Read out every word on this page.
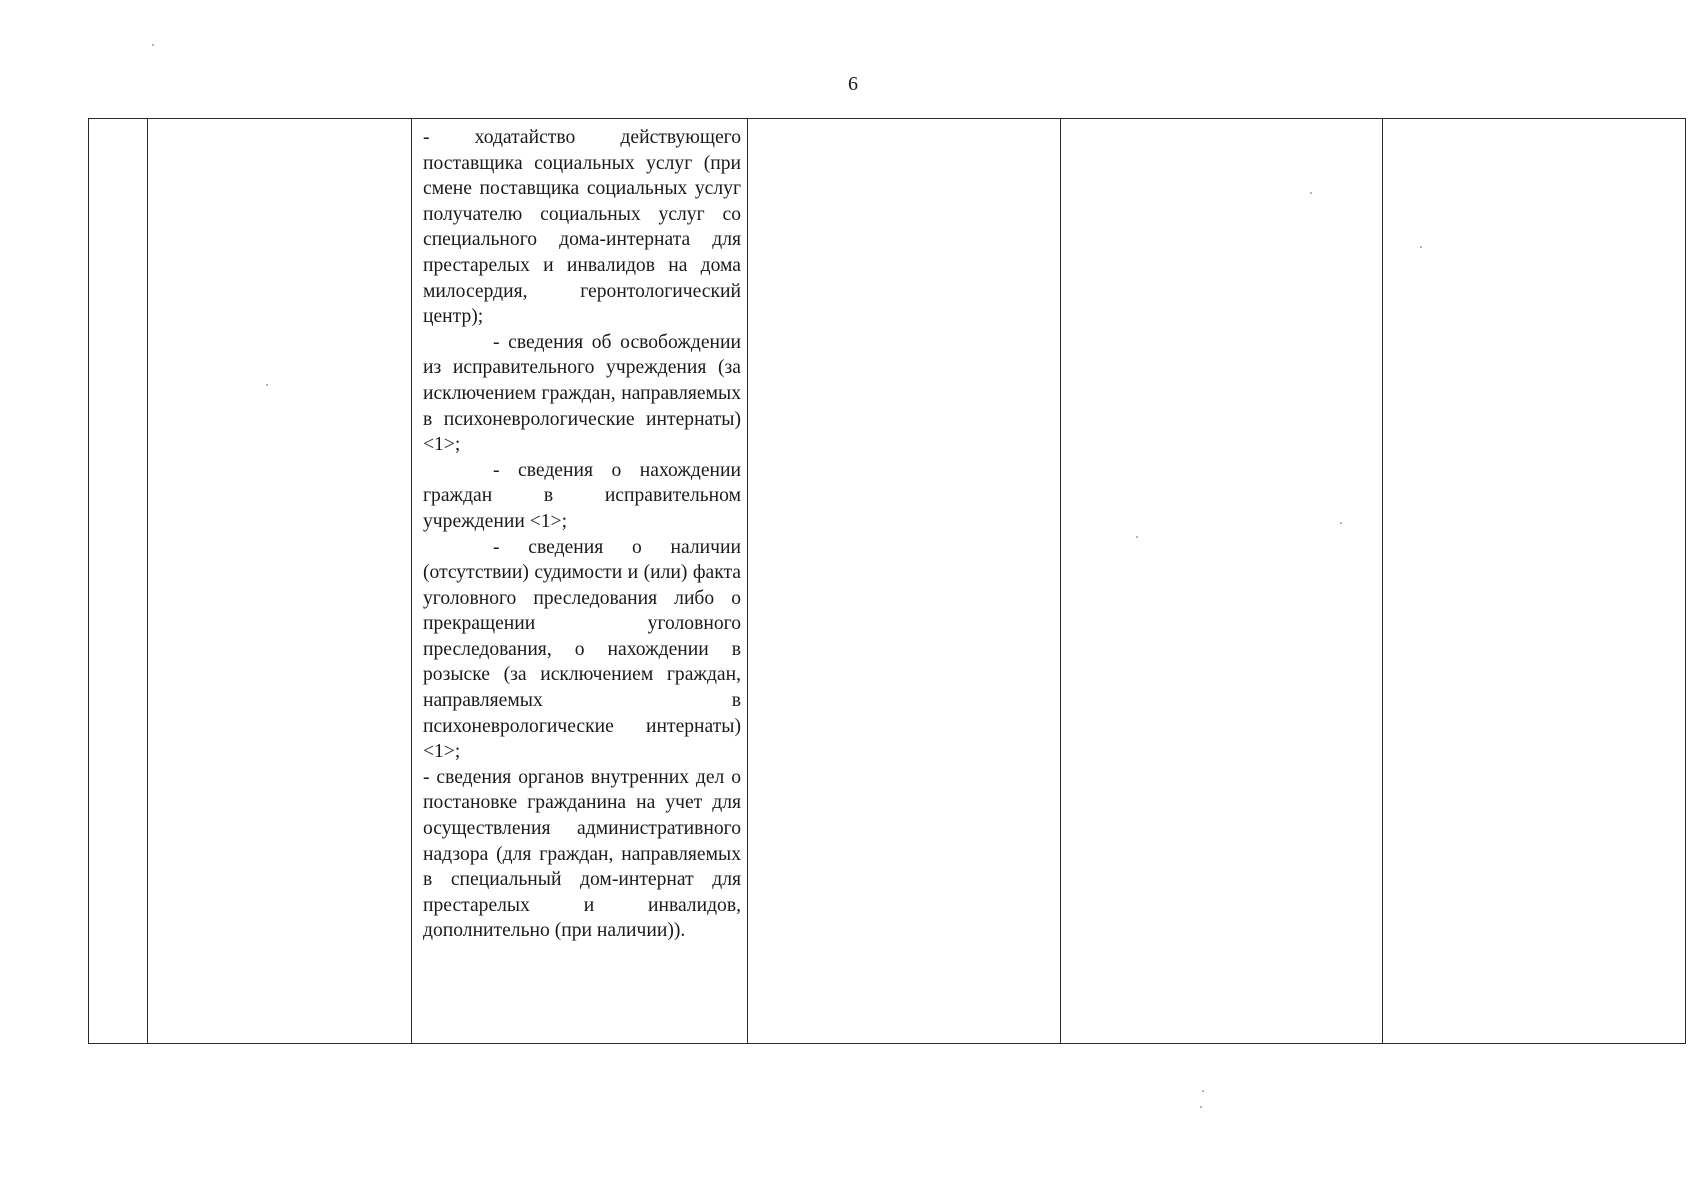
6

- ходатайство действующего поставщика социальных услуг (при смене поставщика социальных услуг получателю социальных услуг со специального дома-интерната для престарелых и инвалидов на дома милосердия, геронтологический центр);

- сведения об освобождении из исправительного учреждения (за исключением граждан, направляемых в психоневрологические интернаты) <1>;

- сведения о нахождении граждан в исправительном учреждении <1>;

- сведения о наличии (отсутствии) судимости и (или) факта уголовного преследования либо о прекращении уголовного преследования, о нахождении в розыске (за исключением граждан, направляемых в психоневрологические интернаты) <1>;

- сведения органов внутренних дел о постановке гражданина на учет для осуществления административного надзора (для граждан, направляемых в специальный дом-интернат для престарелых и инвалидов, дополнительно (при наличии)).
